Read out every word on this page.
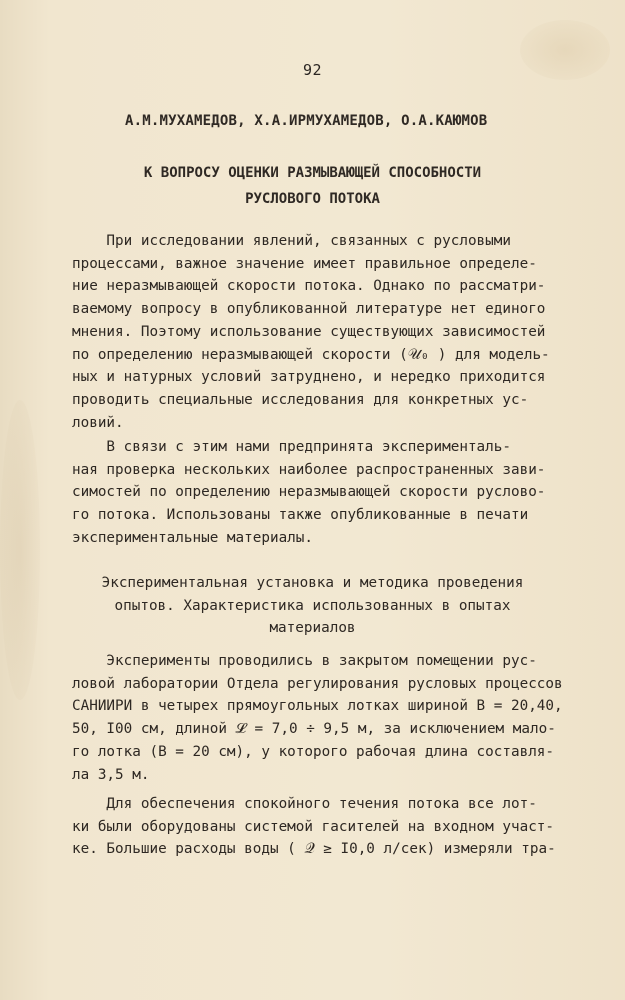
92
А.М.МУХАМЕДОВ, Х.А.ИРМУХАМЕДОВ, О.А.КАЮМОВ
К ВОПРОСУ ОЦЕНКИ РАЗМЫВАЮЩЕЙ СПОСОБНОСТИ
РУСЛОВОГО ПОТОКА
При исследовании явлений, связанных с русловыми
процессами, важное значение имеет правильное определе-
ние неразмывающей скорости потока. Однако по рассматри-
ваемому вопросу в опубликованной литературе нет единого
мнения. Поэтому использование существующих зависимостей
по определению неразмывающей скорости (𝒰₀ ) для модель-
ных и натурных условий затруднено, и нередко приходится
проводить специальные исследования для конкретных ус-
ловий.
В связи с этим нами предпринята эксперименталь-
ная проверка нескольких наиболее распространенных зави-
симостей по определению неразмывающей скорости руслово-
го потока. Использованы также опубликованные в печати
экспериментальные материалы.
Экспериментальная установка и методика проведения
опытов. Характеристика использованных в опытах
материалов
Эксперименты проводились в закрытом помещении рус-
ловой лаборатории Отдела регулирования русловых процессов
САНИИРИ в четырех прямоугольных лотках шириной В = 20,40,
50, I00 см, длиной 𝓛 = 7,0 ÷ 9,5 м, за исключением мало-
го лотка (В = 20 см), у которого рабочая длина составля-
ла 3,5 м.
Для обеспечения спокойного течения потока все лот-
ки были оборудованы системой гасителей на входном участ-
ке. Большие расходы воды ( 𝒬 ≥ I0,0 л/сек) измеряли тра-
